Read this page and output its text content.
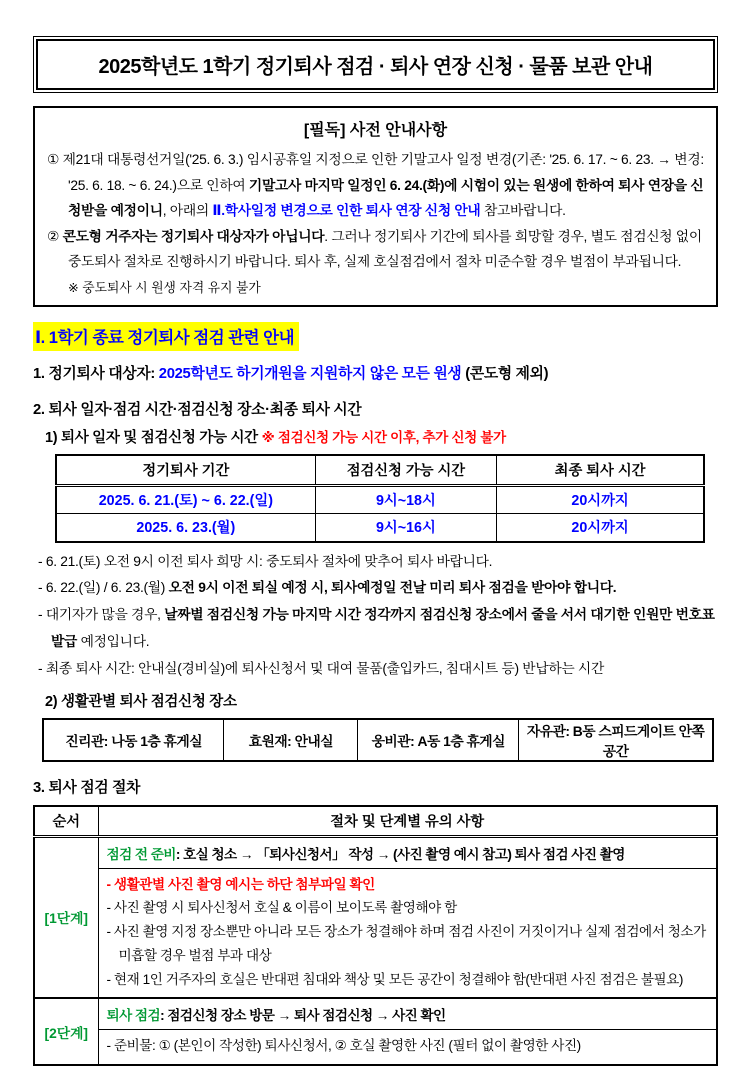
2025학년도 1학기 정기퇴사 점검 · 퇴사 연장 신청 · 물품 보관 안내
[필독] 사전 안내사항

① 제21대 대통령선거일('25. 6. 3.) 임시공휴일 지정으로 인한 기말고사 일정 변경(기존: '25. 6. 17. ~ 6. 23. → 변경: '25. 6. 18. ~ 6. 24.)으로 인하여 기말고사 마지막 일정인 6. 24.(화)에 시험이 있는 원생에 한하여 퇴사 연장을 신청받을 예정이니, 아래의 Ⅱ.학사일정 변경으로 인한 퇴사 연장 신청 안내 참고바랍니다.

② 콘도형 거주자는 정기퇴사 대상자가 아닙니다. 그러나 정기퇴사 기간에 퇴사를 희망할 경우, 별도 점검신청 없이 중도퇴사 절차로 진행하시기 바랍니다. 퇴사 후, 실제 호실점검에서 절차 미준수할 경우 벌점이 부과됩니다.

※ 중도퇴사 시 원생 자격 유지 불가
Ⅰ. 1학기 종료 정기퇴사 점검 관련 안내
1. 정기퇴사 대상자: 2025학년도 하기개원을 지원하지 않은 모든 원생 (콘도형 제외)
2. 퇴사 일자·점검 시간·점검신청 장소·최종 퇴사 시간
1) 퇴사 일자 및 점검신청 가능 시간 ※ 점검신청 가능 시간 이후, 추가 신청 불가
정기퇴사 기간	점검신청 가능 시간	최종 퇴사 시간
2025. 6. 21.(토) ~ 6. 22.(일)	9시~18시	20시까지
2025. 6. 23.(월)	9시~16시	20시까지
- 6. 21.(토) 오전 9시 이전 퇴사 희망 시: 중도퇴사 절차에 맞추어 퇴사 바랍니다.
- 6. 22.(일) / 6. 23.(월) 오전 9시 이전 퇴실 예정 시, 퇴사예정일 전날 미리 퇴사 점검을 받아야 합니다.
- 대기자가 많을 경우, 날짜별 점검신청 가능 마지막 시간 정각까지 점검신청 장소에서 줄을 서서 대기한 인원만 번호표 발급 예정입니다.
- 최종 퇴사 시간: 안내실(경비실)에 퇴사신청서 및 대여 물품(출입카드, 침대시트 등) 반납하는 시간
2) 생활관별 퇴사 점검신청 장소
진리관: 나동 1층 휴게실	효원재: 안내실	웅비관: A동 1층 휴게실	자유관: B동 스피드게이트 안쪽 공간
3. 퇴사 점검 절차
순서	절차 및 단계별 유의 사항
[1단계]	점검 전 준비: 호실 청소 → 「퇴사신청서」 작성 → (사진 촬영 예시 참고) 퇴사 점검 사진 촬영

	- 생활관별 사진 촬영 예시는 하단 첨부파일 확인
- 사진 촬영 시 퇴사신청서 호실 & 이름이 보이도록 촬영해야 함
- 사진 촬영 지정 장소뿐만 아니라 모든 장소가 청결해야 하며 점검 사진이 거짓이거나 실제 점검에서 청소가 미흡할 경우 벌점 부과 대상
- 현재 1인 거주자의 호실은 반대편 침대와 책상 및 모든 공간이 청결해야 함(반대편 사진 점검은 불필요)

[2단계]	퇴사 점검: 점검신청 장소 방문 → 퇴사 점검신청 → 사진 확인

	- 준비물: ① (본인이 작성한) 퇴사신청서, ② 호실 촬영한 사진 (필터 없이 촬영한 사진)
